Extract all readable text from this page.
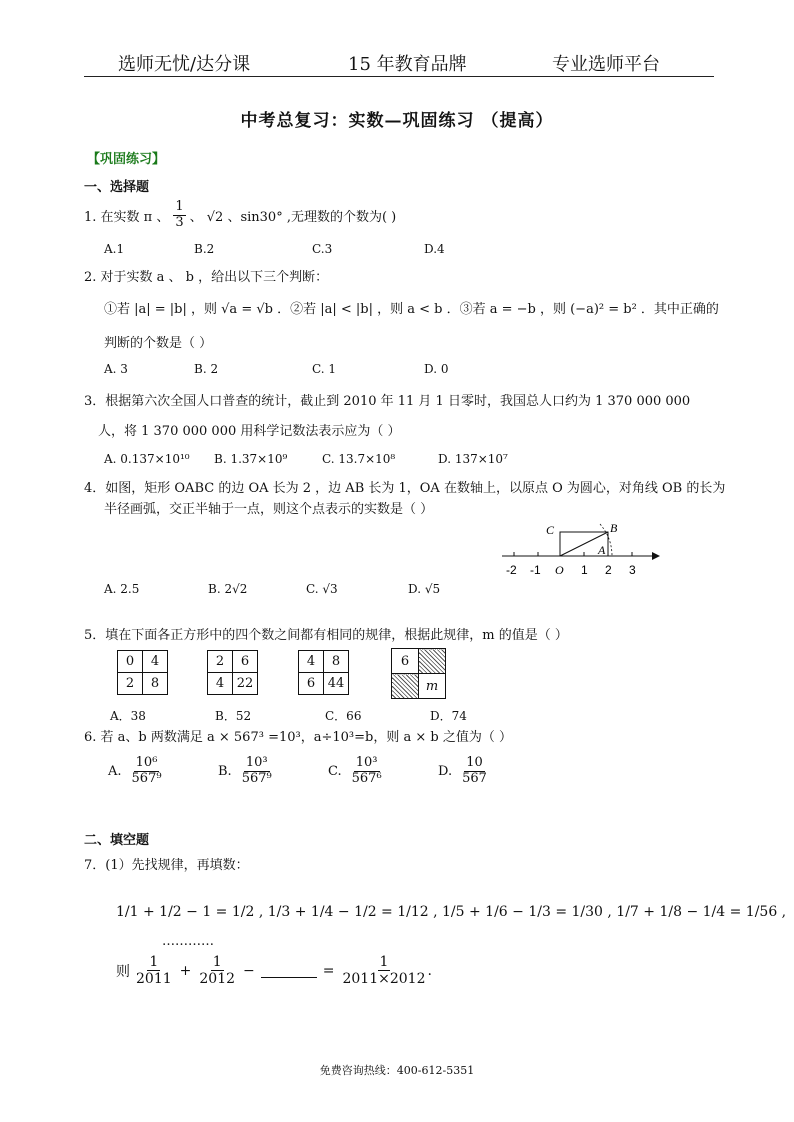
选师无忧/达分课	15 年教育品牌	专业选师平台
中考总复习：实数—巩固练习 （提高）
【巩固练习】
一、选择题
1. 在实数 π 、 $\frac{1}{3}$ 、 √2 、sin30° ,无理数的个数为( )
A.1	B.2	C.3	D.4
2. 对于实数 a 、 b ，给出以下三个判断：
①若 |a| = |b| ，则 √a = √b ．②若 |a| < |b| ，则 a < b ．③若 a = −b ，则 (−a)² = b² ．其中正确的
判断的个数是（ ）
A. 3	B. 2	C. 1	D. 0
3．根据第六次全国人口普查的统计，截止到 2010 年 11 月 1 日零时，我国总人口约为 1 370 000 000
人，将 1 370 000 000 用科学记数法表示应为（ ）
A. 0.137×10¹⁰ B. 1.37×10⁹	C. 13.7×10⁸	D. 137×10⁷
4．如图，矩形 OABC 的边 OA 长为 2 ，边 AB 长为 1，OA 在数轴上，以原点 O 为圆心，对角线 OB 的长为
半径画弧，交正半轴于一点，则这个点表示的实数是（ ）
C	B
A
-2 -1 O 1 2 3
A. 2.5	B. 2√2	C. √3	D. √5
5．填在下面各正方形中的四个数之间都有相同的规律，根据此规律，m 的值是（ ）
0	4
2	8
2	6
4	22
4	8
6	44
6	
	m
A．38	B．52	C．66	D．74
6. 若 a、b 两数满足 a × 567³ =10³，a÷10³=b，则 a × b 之值为（ ）
A. $\frac{\text{10⁶}}{\text{567⁹}}$	B. $\frac{\text{10³}}{\text{567⁹}}$	C. $\frac{\text{10³}}{\text{567⁶}}$	D. $\frac{10}{567}$
二、填空题
7．(1）先找规律，再填数：
1/1 + 1/2 − 1 = 1/2 , 1/3 + 1/4 − 1/2 = 1/12 , 1/5 + 1/6 − 1/3 = 1/30 , 1/7 + 1/8 − 1/4 = 1/56 ,
…………
则 $\frac{1}{2011} + \frac{1}{2012}$ −	= $\frac{1}{2011\times 2012}$ .
免费咨询热线：400-612-5351
